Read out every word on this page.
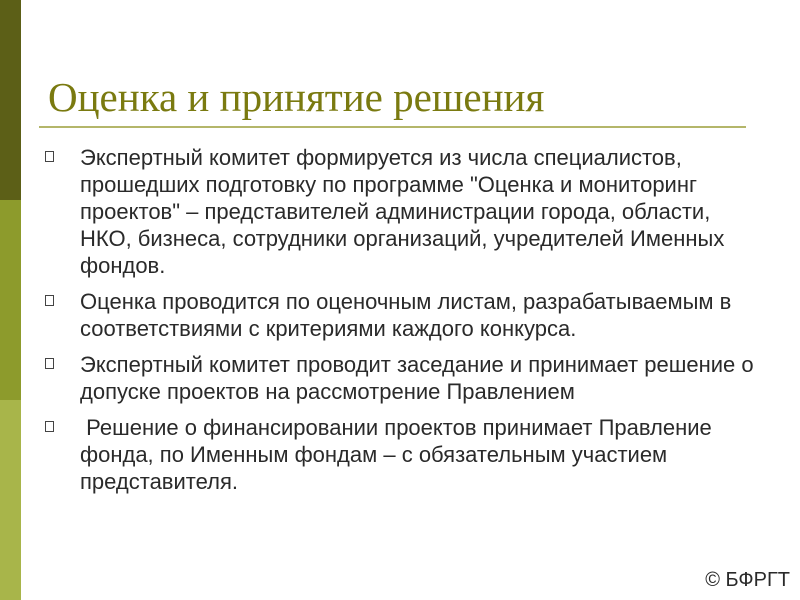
Оценка и принятие решения
Экспертный комитет формируется из числа специалистов, прошедших подготовку по программе "Оценка и мониторинг проектов" – представителей администрации города, области, НКО, бизнеса, сотрудники организаций, учредителей Именных фондов.
Оценка проводится по оценочным листам, разрабатываемым в соответствиями с критериями каждого конкурса.
Экспертный комитет проводит заседание и принимает решение о допуске проектов на рассмотрение Правлением
Решение о финансировании проектов принимает Правление фонда, по Именным фондам – с обязательным участием представителя.
© БФРГТ
